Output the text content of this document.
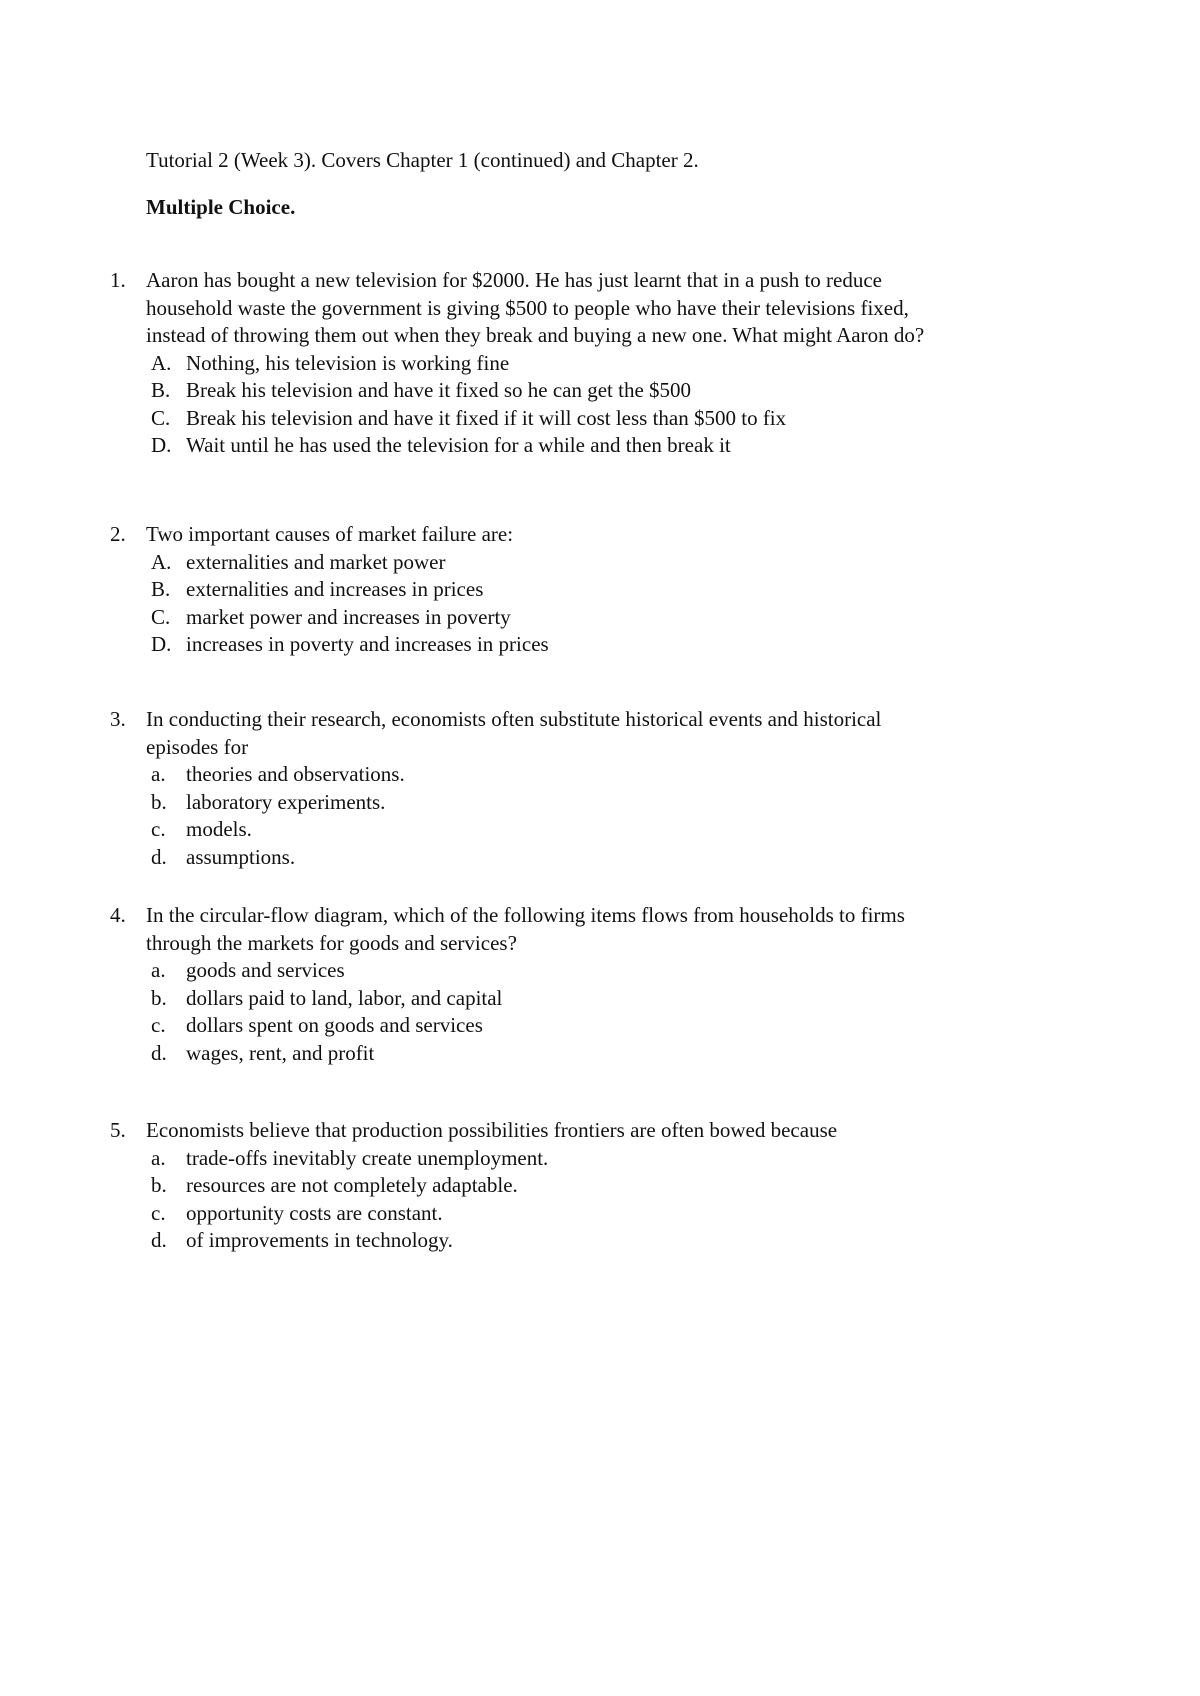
Tutorial 2 (Week 3). Covers Chapter 1 (continued) and Chapter 2.
Multiple Choice.
1. Aaron has bought a new television for $2000. He has just learnt that in a push to reduce
household waste the government is giving $500 to people who have their televisions fixed,
instead of throwing them out when they break and buying a new one. What might Aaron do?
A. Nothing, his television is working fine
B. Break his television and have it fixed so he can get the $500
C. Break his television and have it fixed if it will cost less than $500 to fix
D. Wait until he has used the television for a while and then break it
2. Two important causes of market failure are:
A. externalities and market power
B. externalities and increases in prices
C. market power and increases in poverty
D. increases in poverty and increases in prices
3. In conducting their research, economists often substitute historical events and historical
episodes for
a. theories and observations.
b. laboratory experiments.
c. models.
d. assumptions.
4. In the circular-flow diagram, which of the following items flows from households to firms
through the markets for goods and services?
a. goods and services
b. dollars paid to land, labor, and capital
c. dollars spent on goods and services
d. wages, rent, and profit
5. Economists believe that production possibilities frontiers are often bowed because
a. trade-offs inevitably create unemployment.
b. resources are not completely adaptable.
c. opportunity costs are constant.
d. of improvements in technology.
